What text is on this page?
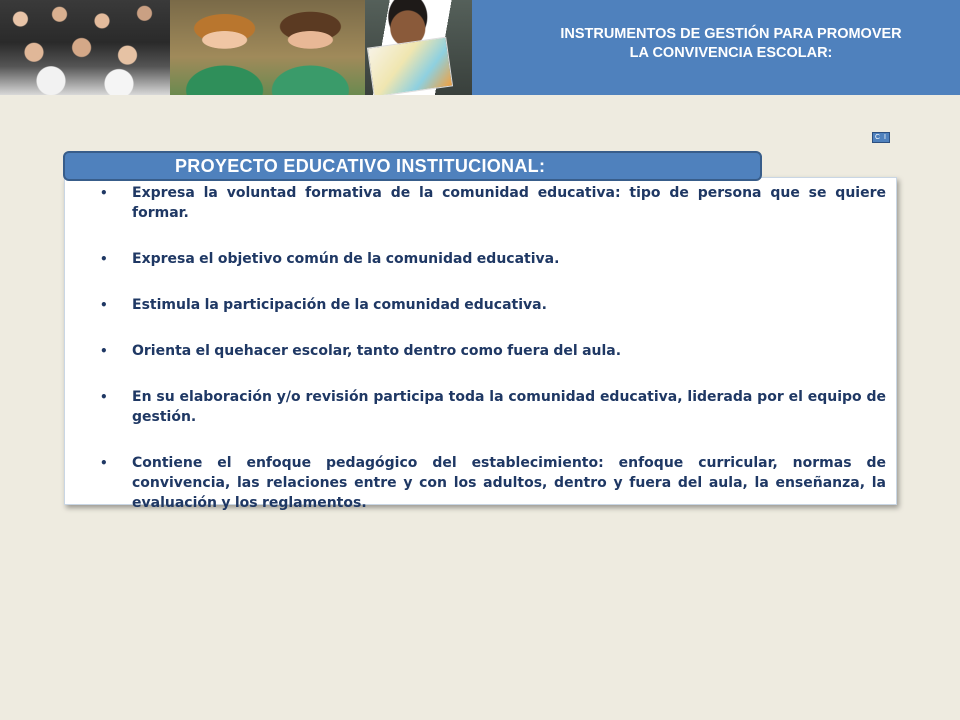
INSTRUMENTOS DE GESTIÓN PARA PROMOVER
LA CONVIVENCIA ESCOLAR:
C I
PROYECTO EDUCATIVO INSTITUCIONAL:
• Expresa la voluntad formativa de la comunidad educativa: tipo de persona que se quiere formar.
• Expresa el objetivo común de la comunidad educativa.
• Estimula la participación de la comunidad educativa.
• Orienta el quehacer escolar, tanto dentro como fuera del aula.
• En su elaboración y/o revisión participa toda la comunidad educativa, liderada por el equipo de gestión.
• Contiene el enfoque pedagógico del establecimiento: enfoque curricular, normas de convivencia, las relaciones entre y con los adultos, dentro y fuera del aula, la enseñanza, la evaluación y los reglamentos.
